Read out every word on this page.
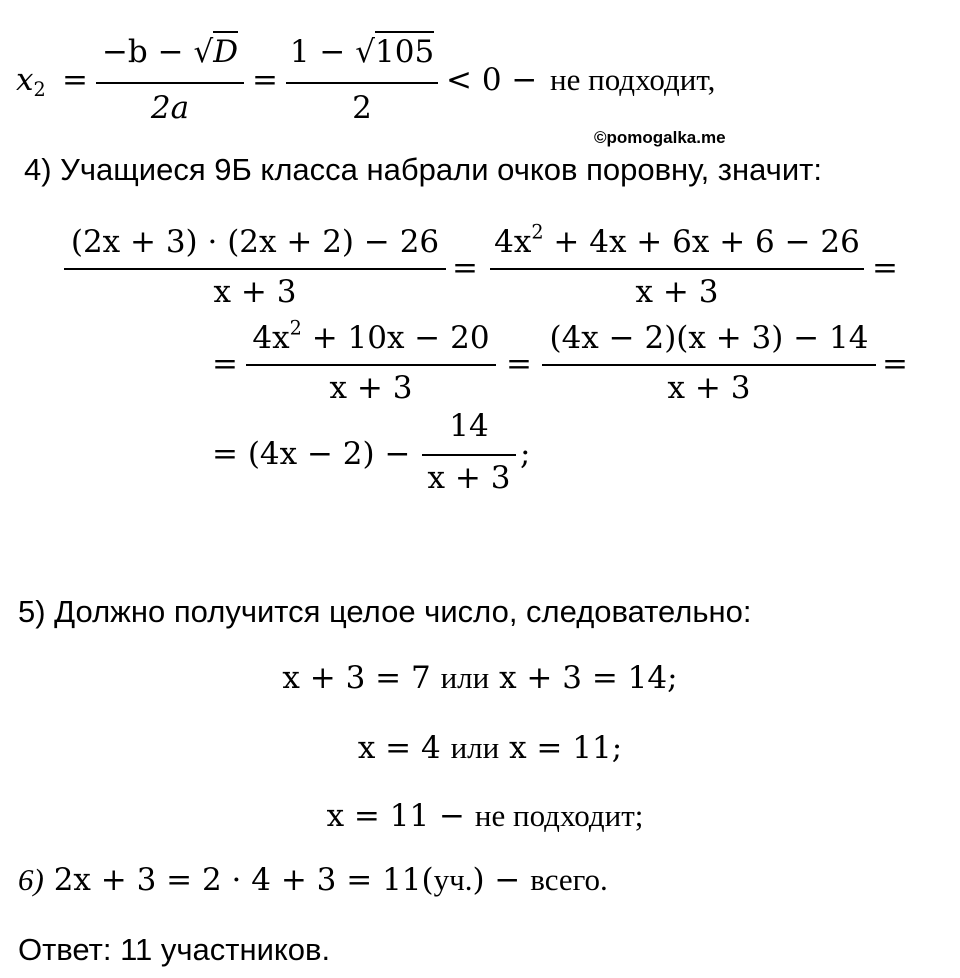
$x_2$ =
−b − √D
2a
=
1 − √105
2
< 0 − не подходит,
©pomogalka.me
4) Учащиеся 9Б класса набрали очков поровну, значит:
(2x + 3) · (2x + 2) − 26
x + 3
=
$4x^2 + 4x + 6x + 6 - 26$
x + 3
=
=
$4x^2 + 10x - 20$
x + 3
=
(4x − 2)(x + 3) − 14
x + 3
=
= (4x − 2) −
14
x + 3
;
5) Должно получится целое число, следовательно:
x + 3 = 7 или x + 3 = 14;
x = 4 или x = 11;
x = 11 − не подходит;
6) 2x + 3 = 2 · 4 + 3 = 11(уч.) − всего.
Ответ: 11 участников.
